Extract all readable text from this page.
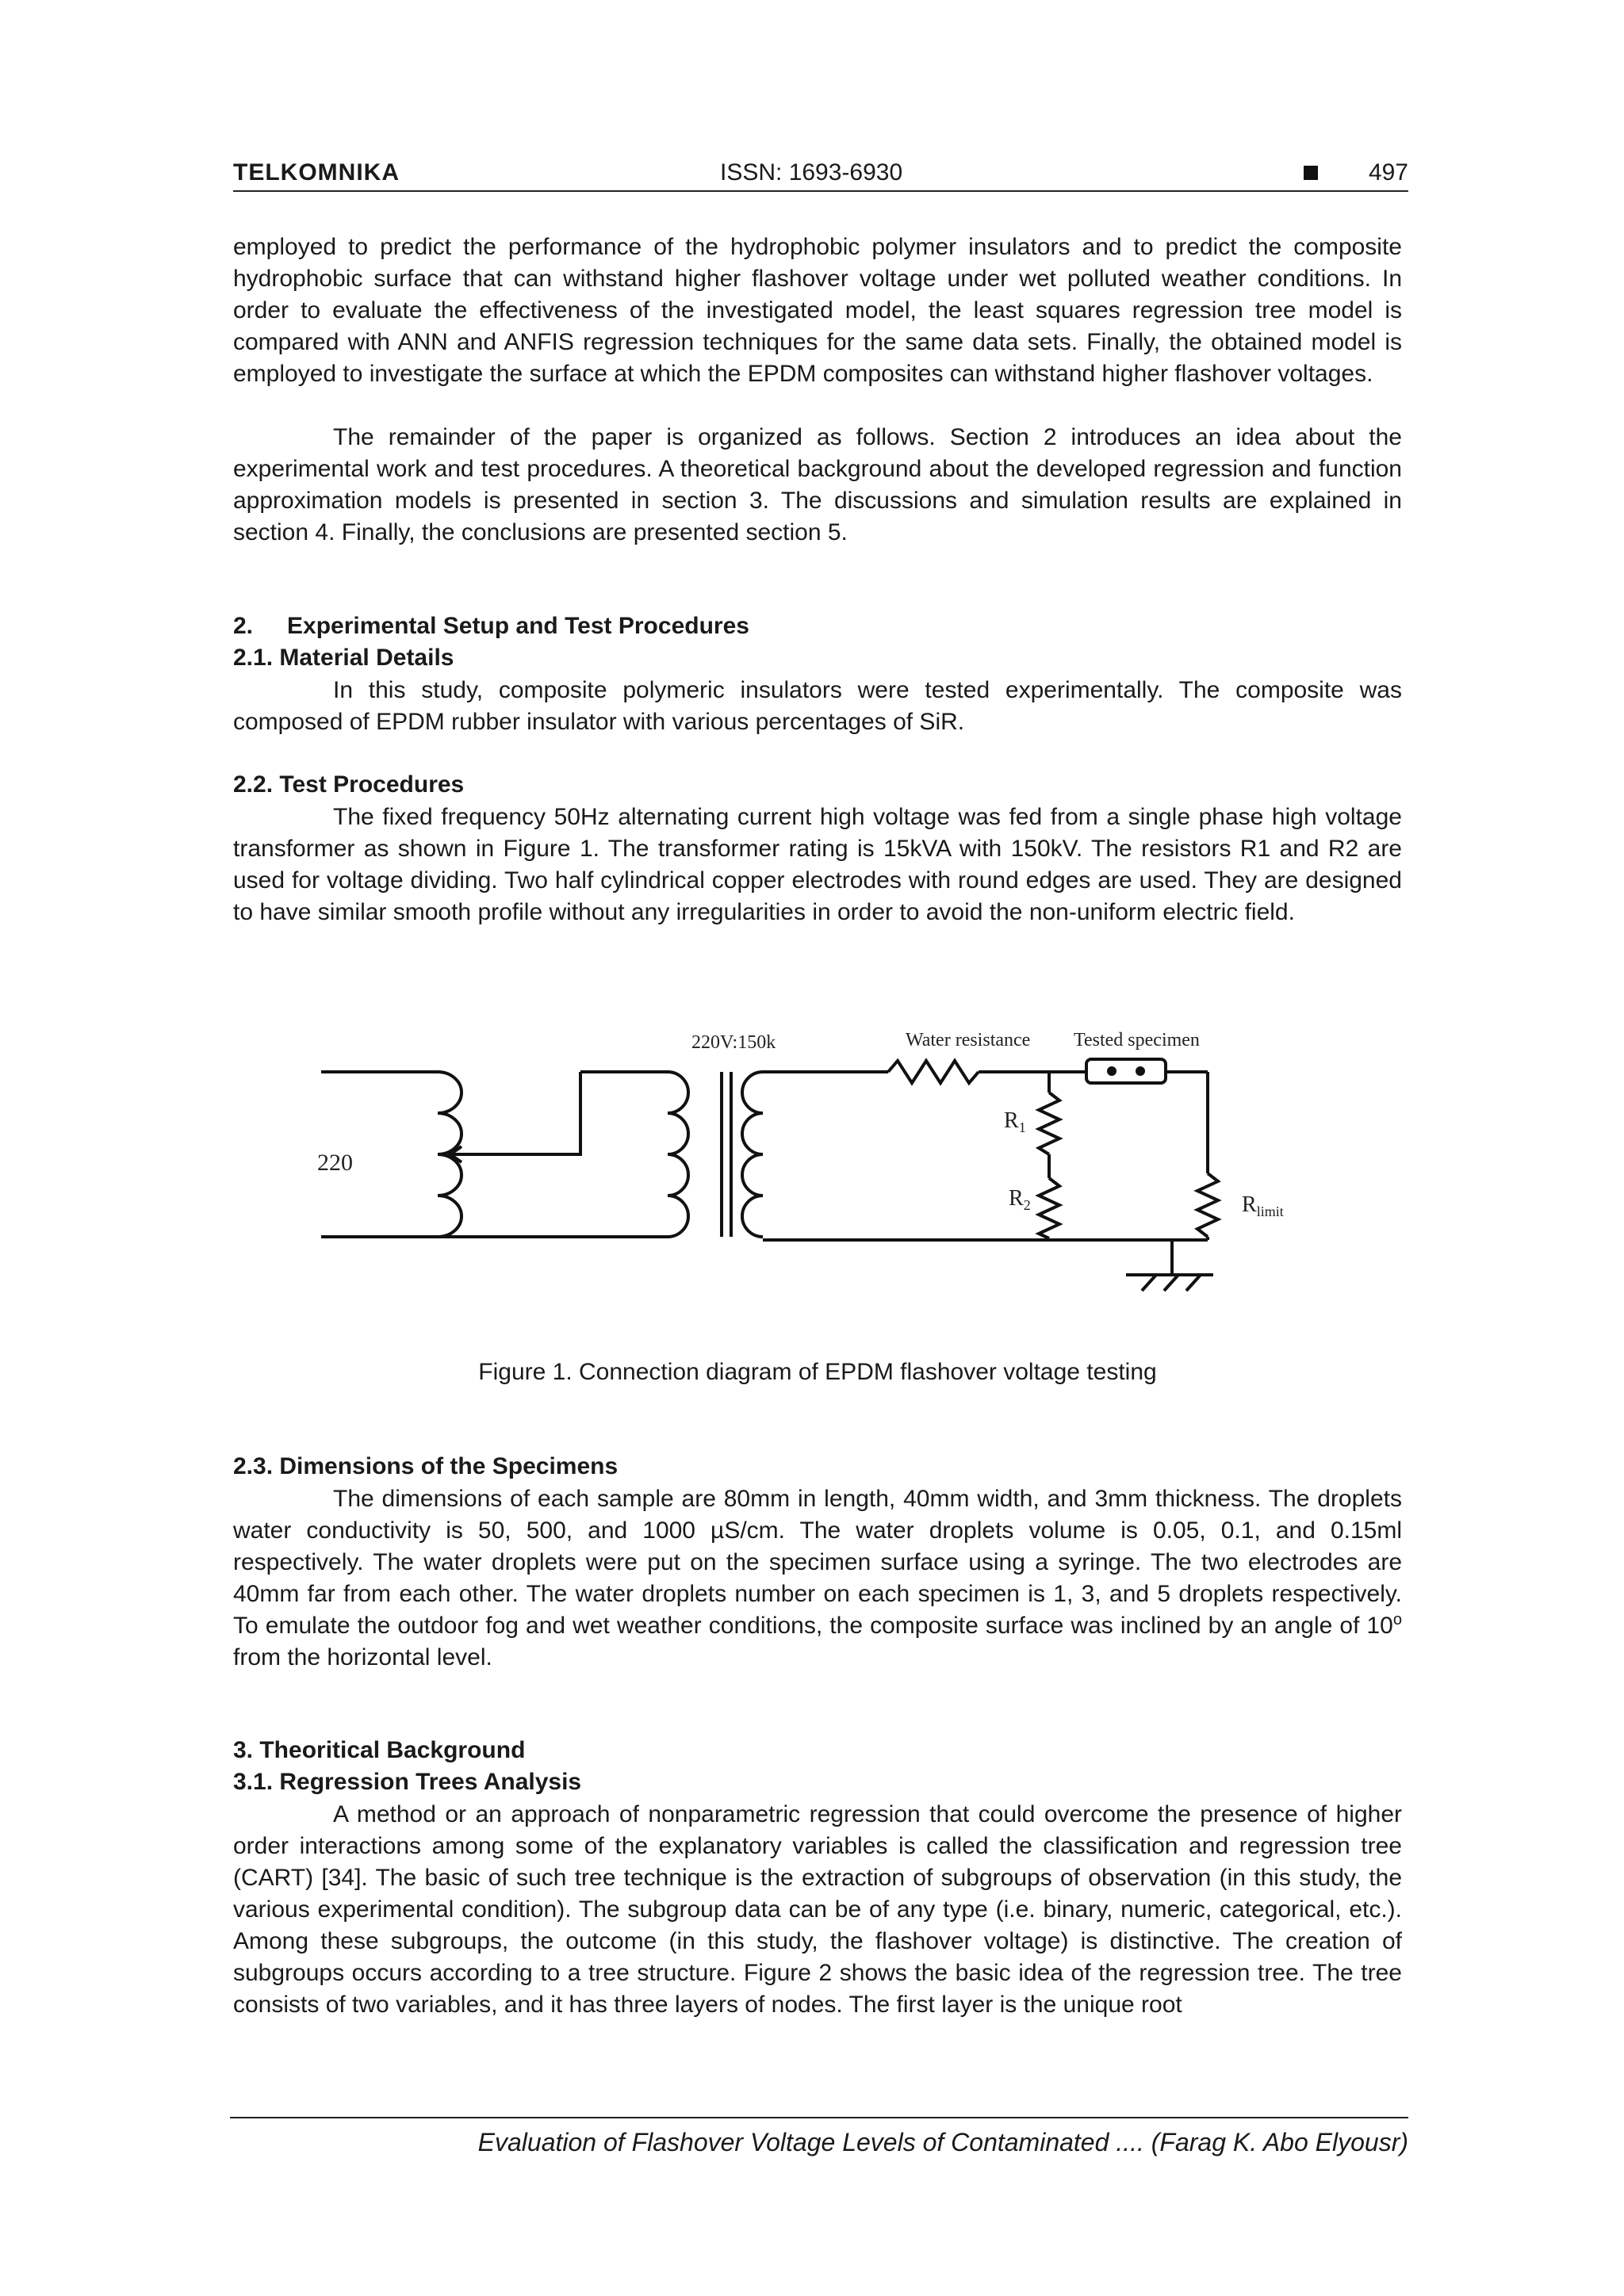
TELKOMNIKA	ISSN: 1693-6930	497

employed to predict the performance of the hydrophobic polymer insulators and to predict the composite hydrophobic surface that can withstand higher flashover voltage under wet polluted weather conditions. In order to evaluate the effectiveness of the investigated model, the least squares regression tree model is compared with ANN and ANFIS regression techniques for the same data sets. Finally, the obtained model is employed to investigate the surface at which the EPDM composites can withstand higher flashover voltages.

The remainder of the paper is organized as follows. Section 2 introduces an idea about the experimental work and test procedures. A theoretical background about the developed regression and function approximation models is presented in section 3. The discussions and simulation results are explained in section 4. Finally, the conclusions are presented section 5.

2. Experimental Setup and Test Procedures

2.1. Material Details

In this study, composite polymeric insulators were tested experimentally. The composite was composed of EPDM rubber insulator with various percentages of SiR.

2.2. Test Procedures

The fixed frequency 50Hz alternating current high voltage was fed from a single phase high voltage transformer as shown in Figure 1. The transformer rating is 15kVA with 150kV. The resistors R1 and R2 are used for voltage dividing. Two half cylindrical copper electrodes with round edges are used. They are designed to have similar smooth profile without any irregularities in order to avoid the non-uniform electric field.

220
220V:150k	Water resistance Tested specimen
$R_1$
$R_2$	$R_{limit}$

Figure 1. Connection diagram of EPDM flashover voltage testing

2.3. Dimensions of the Specimens

The dimensions of each sample are 80mm in length, 40mm width, and 3mm thickness. The droplets water conductivity is 50, 500, and 1000 µS/cm. The water droplets volume is 0.05, 0.1, and 0.15ml respectively. The water droplets were put on the specimen surface using a syringe. The two electrodes are 40mm far from each other. The water droplets number on each specimen is 1, 3, and 5 droplets respectively. To emulate the outdoor fog and wet weather conditions, the composite surface was inclined by an angle of 10$^o$ from the horizontal level.

3. Theoritical Background

3.1. Regression Trees Analysis

A method or an approach of nonparametric regression that could overcome the presence of higher order interactions among some of the explanatory variables is called the classification and regression tree (CART) [34]. The basic of such tree technique is the extraction of subgroups of observation (in this study, the various experimental condition). The subgroup data can be of any type (i.e. binary, numeric, categorical, etc.). Among these subgroups, the outcome (in this study, the flashover voltage) is distinctive. The creation of subgroups occurs according to a tree structure. Figure 2 shows the basic idea of the regression tree. The tree consists of two variables, and it has three layers of nodes. The first layer is the unique root

Evaluation of Flashover Voltage Levels of Contaminated .... (Farag K. Abo Elyousr)
